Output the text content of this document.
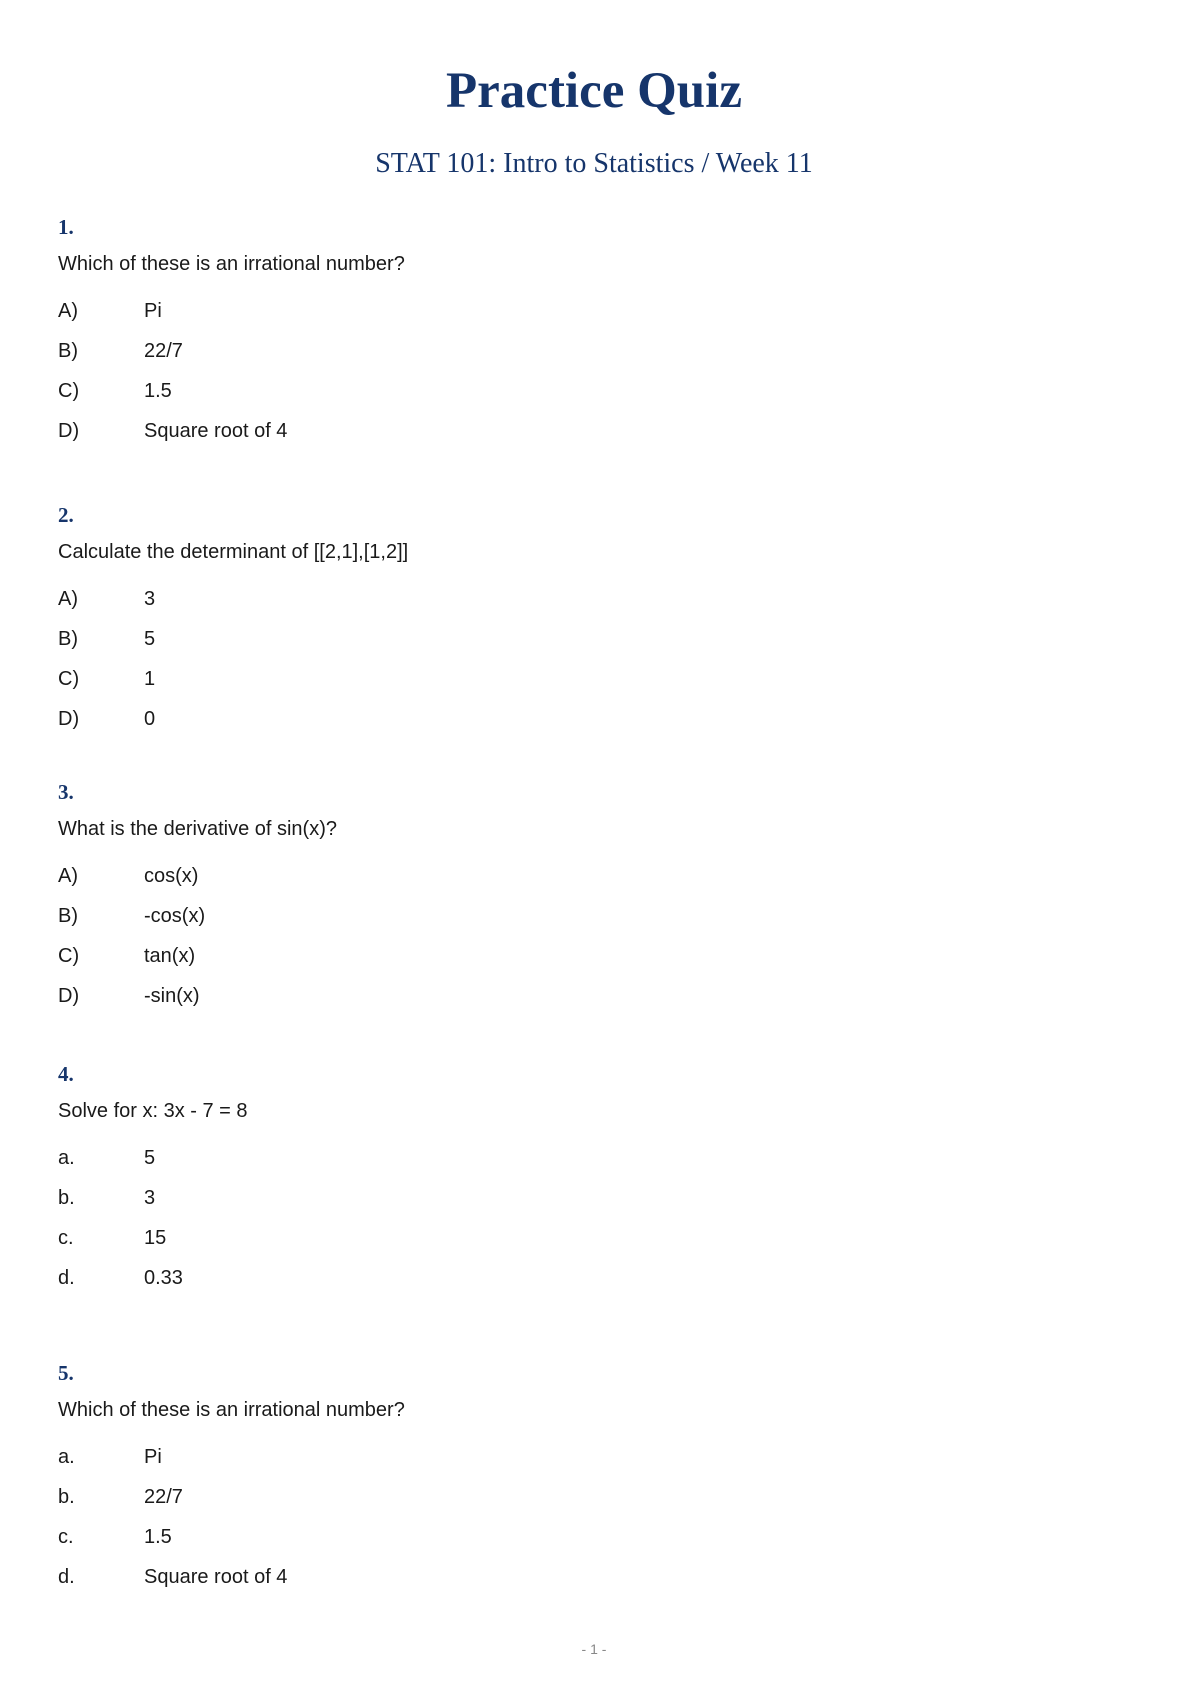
Practice Quiz
STAT 101: Intro to Statistics / Week 11
1.
Which of these is an irrational number?
A)	Pi
B)	22/7
C)	1.5
D)	Square root of 4
2.
Calculate the determinant of [[2,1],[1,2]]
A)	3
B)	5
C)	1
D)	0
3.
What is the derivative of sin(x)?
A)	cos(x)
B)	-cos(x)
C)	tan(x)
D)	-sin(x)
4.
Solve for x: 3x - 7 = 8
a.	5
b.	3
c.	15
d.	0.33
5.
Which of these is an irrational number?
a.	Pi
b.	22/7
c.	1.5
d.	Square root of 4
- 1 -
